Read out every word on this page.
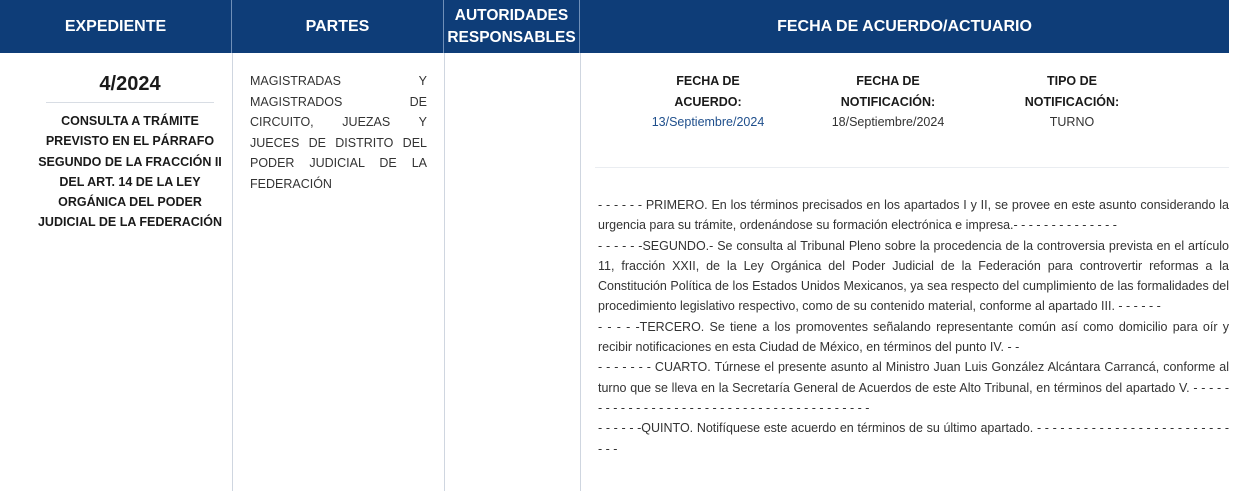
EXPEDIENTE	PARTES
AUTORIDADES
RESPONSABLES
FECHA DE ACUERDO/ACTUARIO
4/2024
CONSULTA A TRÁMITE PREVISTO EN EL PÁRRAFO SEGUNDO DE LA FRACCIÓN II DEL ART. 14 DE LA LEY ORGÁNICA DEL PODER JUDICIAL DE LA FEDERACIÓN
MAGISTRADAS Y MAGISTRADOS DE CIRCUITO, JUEZAS Y JUECES DE DISTRITO DEL PODER JUDICIAL DE LA FEDERACIÓN
FECHA DE
ACUERDO:
13/Septiembre/2024
FECHA DE
NOTIFICACIÓN:
18/Septiembre/2024
TIPO DE
NOTIFICACIÓN:
TURNO

- - - - - - PRIMERO. En los términos precisados en los apartados I y II, se provee en este asunto considerando la urgencia para su trámite, ordenándose su formación electrónica e impresa.- - - - - - - - - - - - - -

- - - - - -SEGUNDO.- Se consulta al Tribunal Pleno sobre la procedencia de la controversia prevista en el artículo 11, fracción XXII, de la Ley Orgánica del Poder Judicial de la Federación para controvertir reformas a la Constitución Política de los Estados Unidos Mexicanos, ya sea respecto del cumplimiento de las formalidades del procedimiento legislativo respectivo, como de su contenido material, conforme al apartado III. - - - - - -

- - - - -TERCERO. Se tiene a los promoventes señalando representante común así como domicilio para oír y recibir notificaciones en esta Ciudad de México, en términos del punto IV. - -

- - - - - - - CUARTO. Túrnese el presente asunto al Ministro Juan Luis González Alcántara Carrancá, conforme al turno que se lleva en la Secretaría General de Acuerdos de este Alto Tribunal, en términos del apartado V. - - - - - - - - - - - - - - - - - - - - - - - - - - - - - - - - - - - - - - - - -

- - - - - -QUINTO. Notifíquese este acuerdo en términos de su último apartado. - - - - - - - - - - - - - - - - - - - - - - - - - - - -
